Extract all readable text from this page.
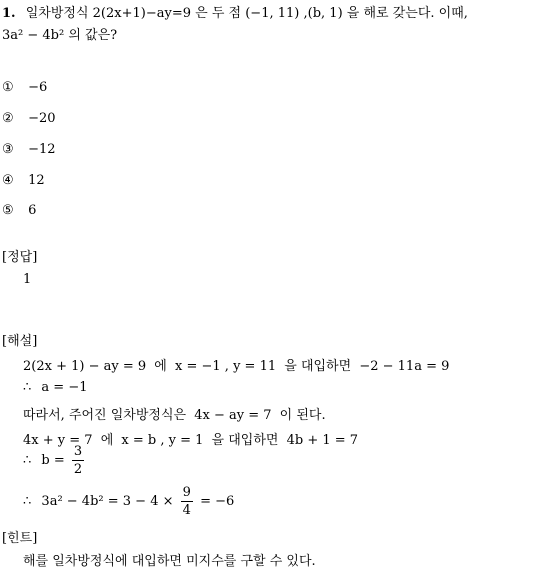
1. 일차방정식 2(2x+1)−ay=9 은 두 점 (−1, 11) ,(b, 1) 을 해로 갖는다. 이때,
3a² − 4b² 의 값은?
① −6
② −20
③ −12
④ 12
⑤ 6
[정답]
1
[해설]
2(2x + 1) − ay = 9 에 x = −1 , y = 11 을 대입하면 −2 − 11a = 9
∴ a = −1
따라서, 주어진 일차방정식은 4x − ay = 7 이 된다.
4x + y = 7 에 x = b , y = 1 을 대입하면 4b + 1 = 7
∴ $b = \frac{3}{2}$
∴ $3a^2 - 4b^2 = 3 - 4 \times \frac{9}{4} = -6$
[힌트]
해를 일차방정식에 대입하면 미지수를 구할 수 있다.
